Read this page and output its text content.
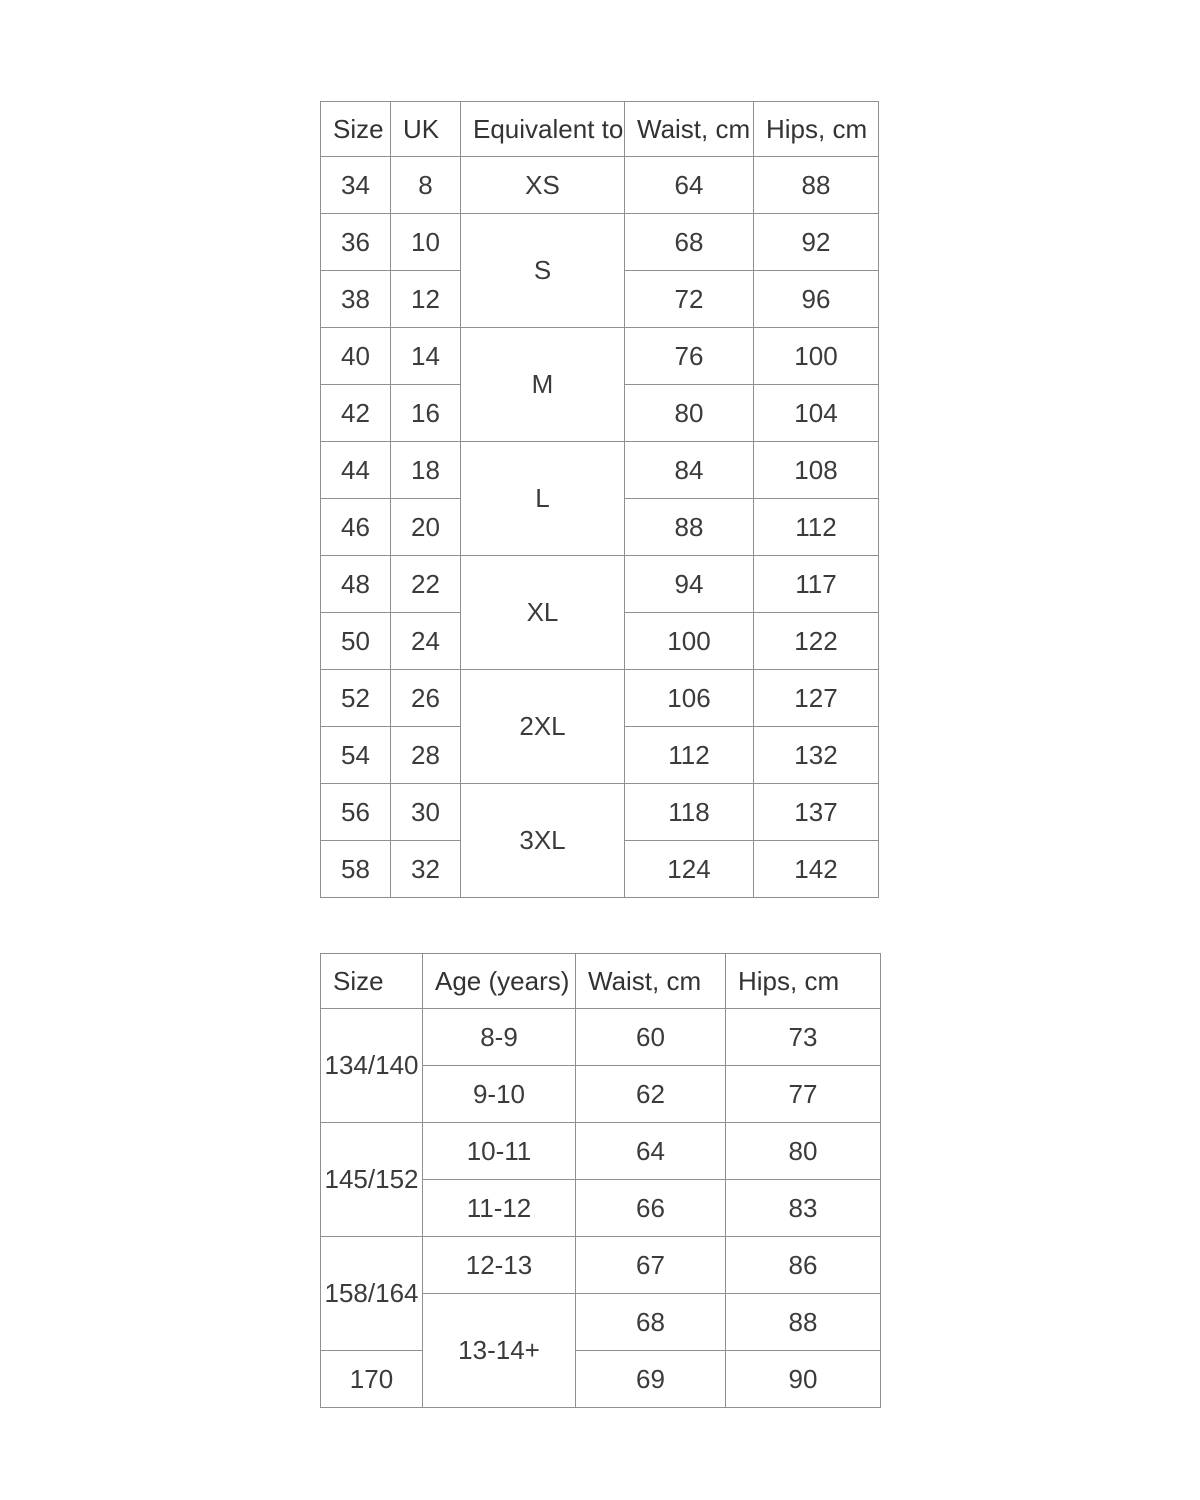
Size	UK	Equivalent to	Waist, cm	Hips, cm
34	8	XS	64	88
36	10	S	68	92
38	12		72	96
40	14	M	76	100
42	16		80	104
44	18	L	84	108
46	20		88	112
48	22	XL	94	117
50	24		100	122
52	26	2XL	106	127
54	28		112	132
56	30	3XL	118	137
58	32		124	142
Size	Age (years)	Waist, cm	Hips, cm
134/140	8-9	60	73
	9-10	62	77
145/152	10-11	64	80
	11-12	66	83
158/164	12-13	67	86
	13-14+	68	88
170		69	90
